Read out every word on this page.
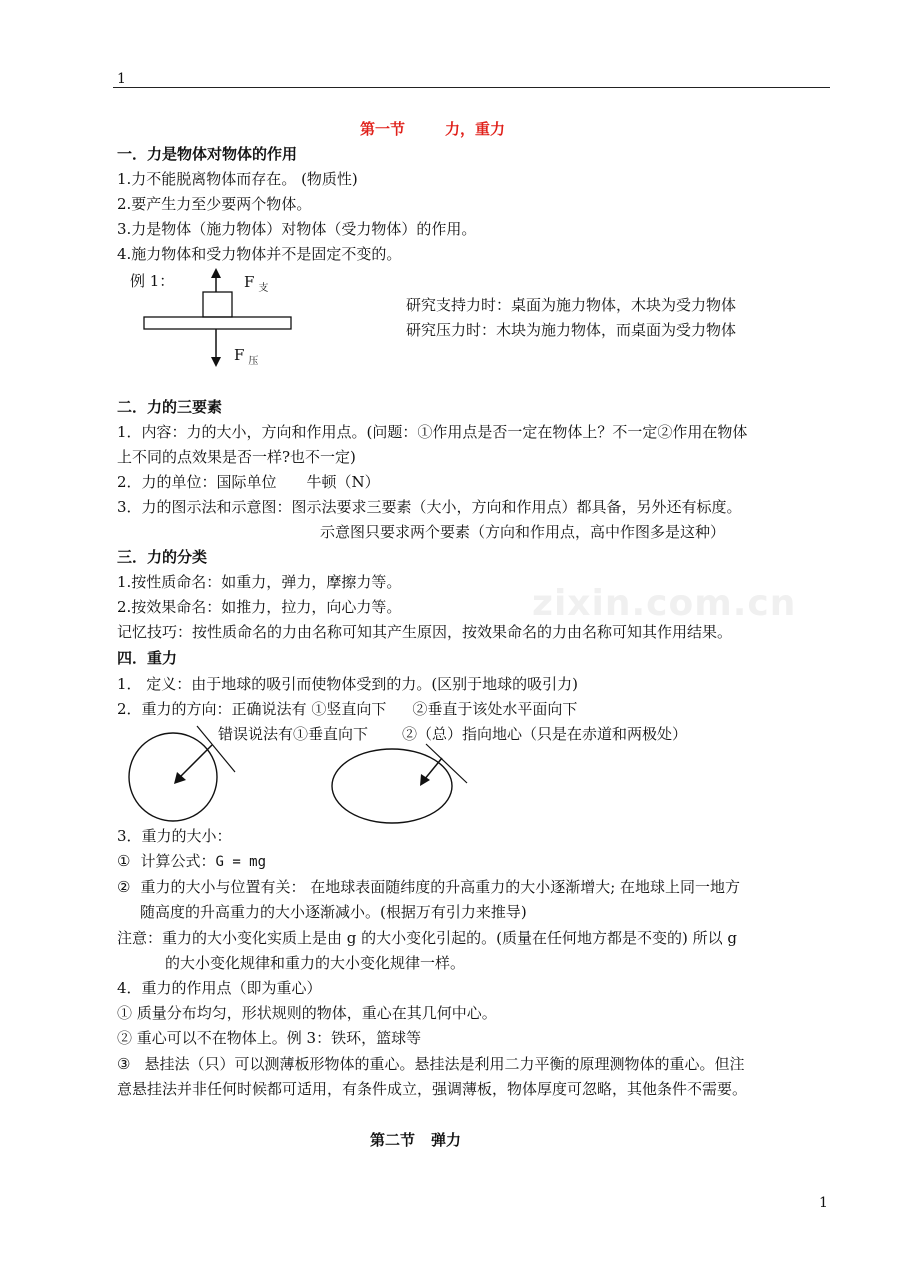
1
zixin.com.cn
第一节	力，重力
一．力是物体对物体的作用
1.力不能脱离物体而存在。 (物质性)
2.要产生力至少要两个物体。
3.力是物体（施力物体）对物体（受力物体）的作用。
4.施力物体和受力物体并不是固定不变的。
例 1：	F $_支$
F $_压$
研究支持力时：桌面为施力物体，木块为受力物体
研究压力时：木块为施力物体，而桌面为受力物体
二．力的三要素
1．内容：力的大小，方向和作用点。(问题：①作用点是否一定在物体上？不一定②作用在物体
上不同的点效果是否一样?也不一定)
2．力的单位：国际单位　　牛顿（N）
3．力的图示法和示意图：图示法要求三要素（大小，方向和作用点）都具备，另外还有标度。
示意图只要求两个要素（方向和作用点，高中作图多是这种）
三．力的分类
1.按性质命名：如重力，弹力，摩擦力等。
2.按效果命名：如推力，拉力，向心力等。
记忆技巧：按性质命名的力由名称可知其产生原因，按效果命名的力由名称可知其作用结果。
四．重力
1． 定义：由于地球的吸引而使物体受到的力。(区别于地球的吸引力)
2．重力的方向：正确说法有 ①竖直向下 ②垂直于该处水平面向下
错误说法有①垂直向下 ②（总）指向地心（只是在赤道和两极处）
3．重力的大小：
① 计算公式：G = mg
② 重力的大小与位置有关： 在地球表面随纬度的升高重力的大小逐渐增大; 在地球上同一地方
随高度的升高重力的大小逐渐减小。(根据万有引力来推导)
注意：重力的大小变化实质上是由 g 的大小变化引起的。(质量在任何地方都是不变的) 所以 g
的大小变化规律和重力的大小变化规律一样。
4．重力的作用点（即为重心）
① 质量分布均匀，形状规则的物体，重心在其几何中心。
② 重心可以不在物体上。例 3：铁环，篮球等
③ 悬挂法（只）可以测薄板形物体的重心。悬挂法是利用二力平衡的原理测物体的重心。但注
意悬挂法并非任何时候都可适用，有条件成立，强调薄板，物体厚度可忽略，其他条件不需要。
第二节 弹力
1
